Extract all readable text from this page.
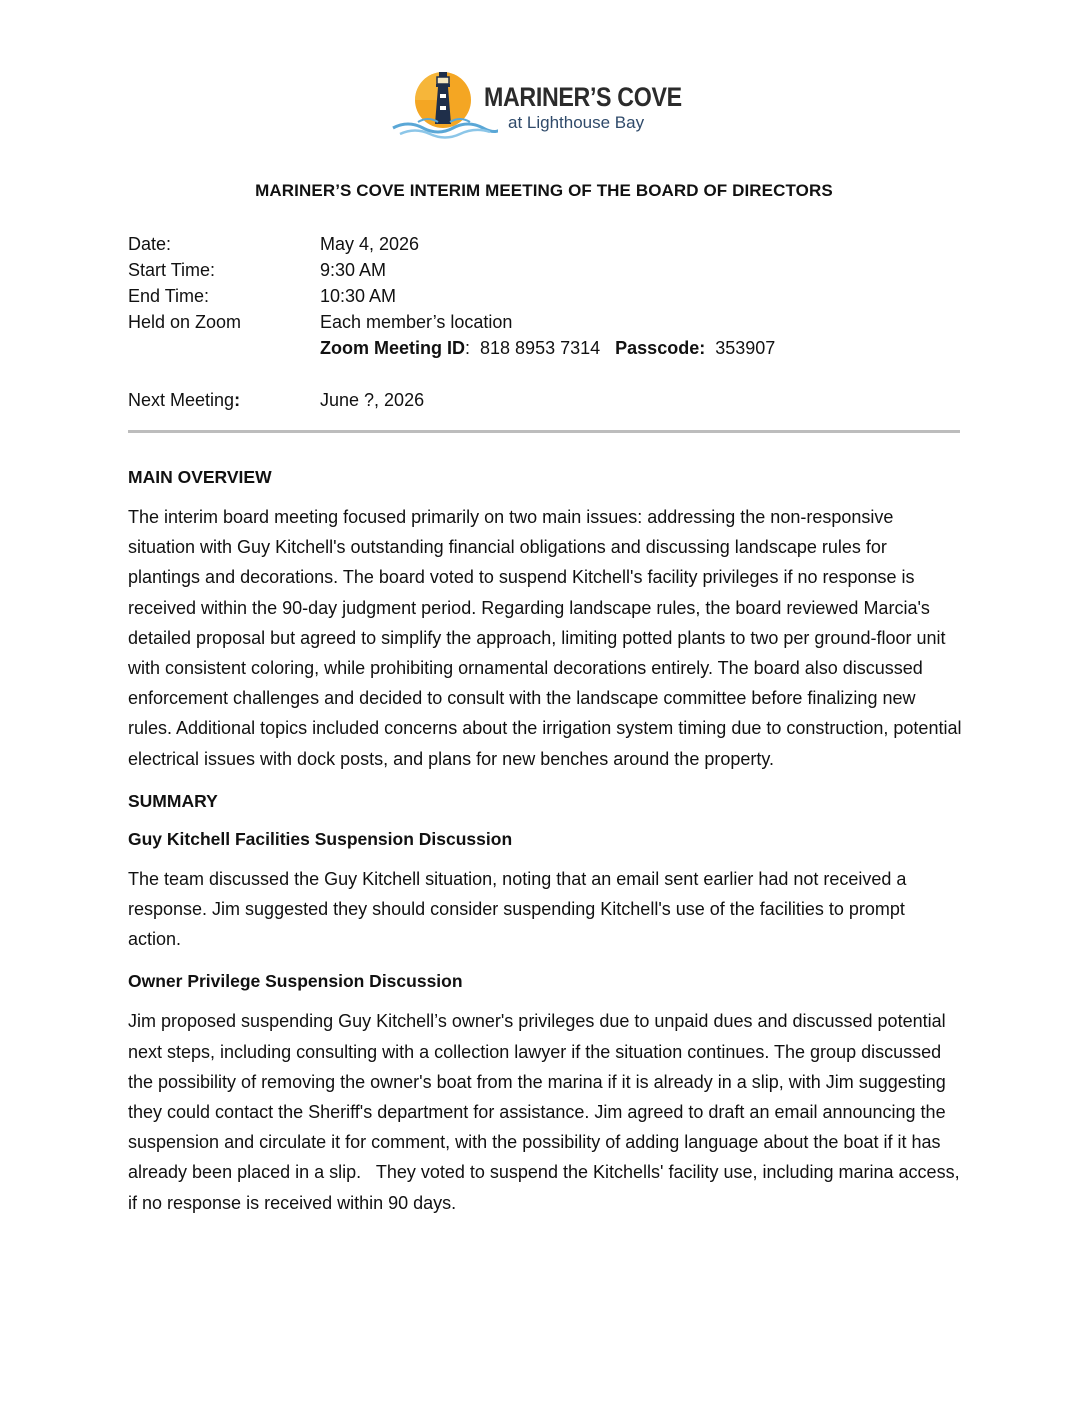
MARINER’S COVE
at Lighthouse Bay
MARINER’S COVE INTERIM MEETING OF THE BOARD OF DIRECTORS
Date:	May 4, 2026
Start Time:	9:30 AM
End Time:	10:30 AM
Held on Zoom	Each member’s location
Zoom Meeting ID:  818 8953 7314 Passcode: 353907
Next Meeting:	June ?, 2026
MAIN OVERVIEW

The interim board meeting focused primarily on two main issues: addressing the non-responsive situation with Guy Kitchell's outstanding financial obligations and discussing landscape rules for plantings and decorations. The board voted to suspend Kitchell's facility privileges if no response is received within the 90-day judgment period. Regarding landscape rules, the board reviewed Marcia's detailed proposal but agreed to simplify the approach, limiting potted plants to two per ground-floor unit with consistent coloring, while prohibiting ornamental decorations entirely. The board also discussed enforcement challenges and decided to consult with the landscape committee before finalizing new rules. Additional topics included concerns about the irrigation system timing due to construction, potential electrical issues with dock posts, and plans for new benches around the property.

SUMMARY
Guy Kitchell Facilities Suspension Discussion

The team discussed the Guy Kitchell situation, noting that an email sent earlier had not received a response. Jim suggested they should consider suspending Kitchell's use of the facilities to prompt action.

Owner Privilege Suspension Discussion

Jim proposed suspending Guy Kitchell’s owner's privileges due to unpaid dues and discussed potential next steps, including consulting with a collection lawyer if the situation continues. The group discussed the possibility of removing the owner's boat from the marina if it is already in a slip, with Jim suggesting they could contact the Sheriff's department for assistance. Jim agreed to draft an email announcing the suspension and circulate it for comment, with the possibility of adding language about the boat if it has already been placed in a slip.   They voted to suspend the Kitchells' facility use, including marina access, if no response is received within 90 days.
